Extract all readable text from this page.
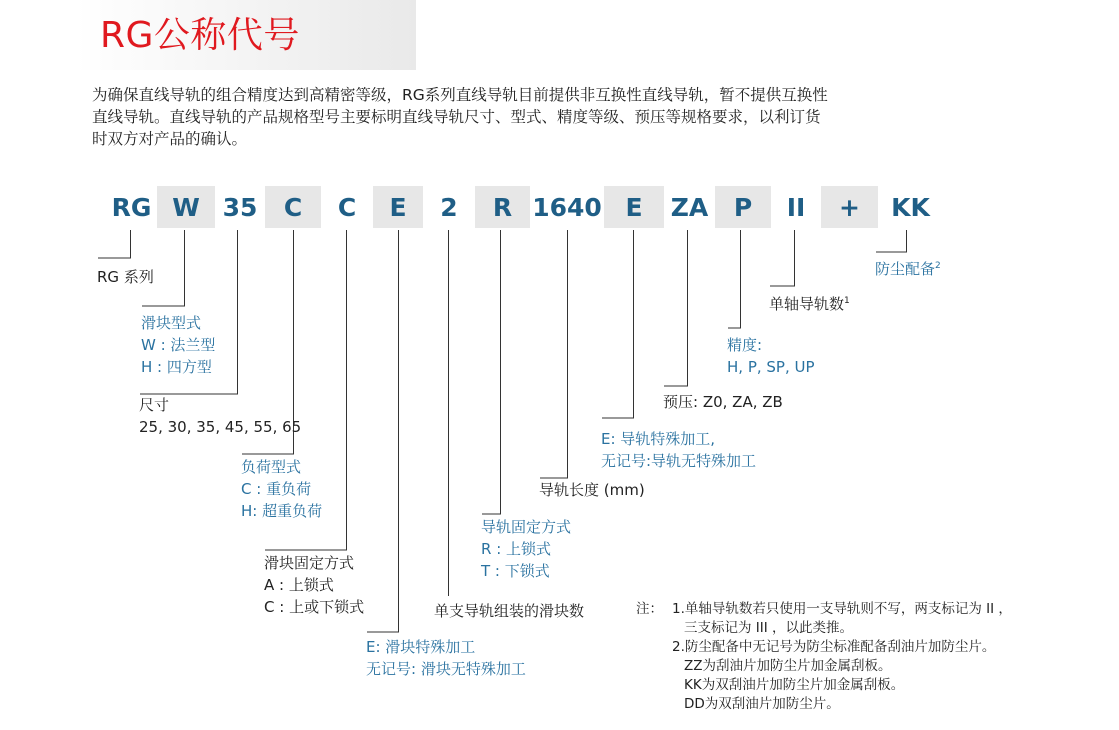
RG公称代号
为确保直线导轨的组合精度达到高精密等级，RG系列直线导轨目前提供非互换性直线导轨，暂不提供互换性
直线导轨。直线导轨的产品规格型号主要标明直线导轨尺寸、型式、精度等级、预压等规格要求，以利订货
时双方对产品的确认。
RG W 35	C	C	E	2	R 1640 E	ZA	P	II	+	KK
RG 系列
滑块型式
W : 法兰型
H : 四方型
尺寸
25, 30, 35, 45, 55, 65
负荷型式
C : 重负荷
H: 超重负荷
滑块固定方式
A : 上锁式
C : 上或下锁式
E: 滑块特殊加工
无记号: 滑块无特殊加工
单支导轨组装的滑块数
导轨固定方式
R : 上锁式
T : 下锁式
导轨长度 (mm)
E: 导轨特殊加工,
无记号:导轨无特殊加工
预压: Z0, ZA, ZB
精度:
H, P, SP, UP
单轴导轨数$^1$
防尘配备$^2$
注： 1.单轴导轨数若只使用一支导轨则不写，两支标记为 II ，
三支标记为 III ，以此类推。
2.防尘配备中无记号为防尘标准配备刮油片加防尘片。
ZZ为刮油片加防尘片加金属刮板。
KK为双刮油片加防尘片加金属刮板。
DD为双刮油片加防尘片。
